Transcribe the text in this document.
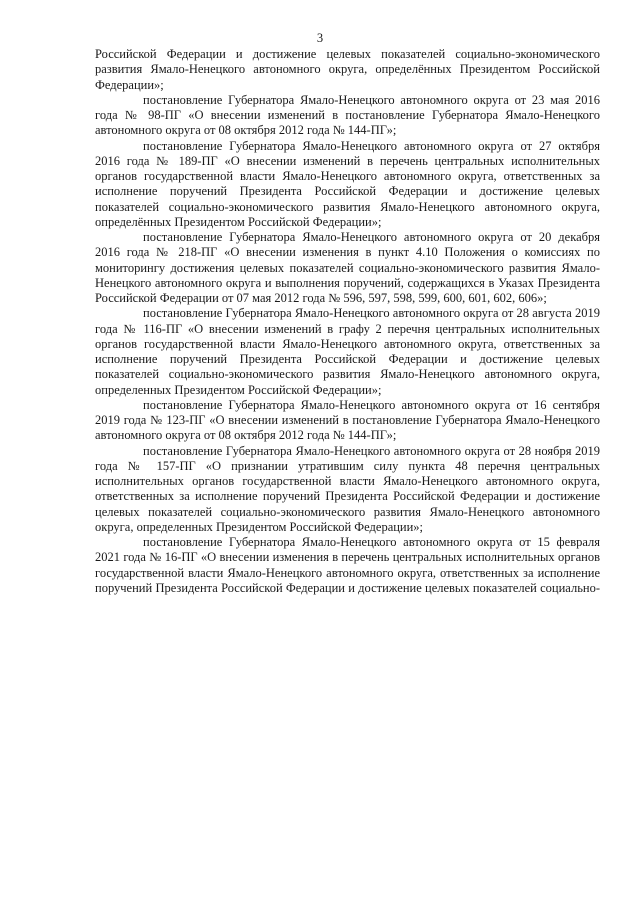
3

Российской Федерации и достижение целевых показателей социально-экономического развития Ямало-Ненецкого автономного округа, определённых Президентом Российской Федерации»;

постановление Губернатора Ямало-Ненецкого автономного округа от 23 мая 2016 года № 98-ПГ «О внесении изменений в постановление Губернатора Ямало-Ненецкого автономного округа от 08 октября 2012 года № 144-ПГ»;

постановление Губернатора Ямало-Ненецкого автономного округа от 27 октября 2016 года № 189-ПГ «О внесении изменений в перечень центральных исполнительных органов государственной власти Ямало-Ненецкого автономного округа, ответственных за исполнение поручений Президента Российской Федерации и достижение целевых показателей социально-экономического развития Ямало-Ненецкого автономного округа, определённых Президентом Российской Федерации»;

постановление Губернатора Ямало-Ненецкого автономного округа от 20 декабря 2016 года № 218-ПГ «О внесении изменения в пункт 4.10 Положения о комиссиях по мониторингу достижения целевых показателей социально-экономического развития Ямало-Ненецкого автономного округа и выполнения поручений, содержащихся в Указах Президента Российской Федерации от 07 мая 2012 года № 596, 597, 598, 599, 600, 601, 602, 606»;

постановление Губернатора Ямало-Ненецкого автономного округа от 28 августа 2019 года № 116-ПГ «О внесении изменений в графу 2 перечня центральных исполнительных органов государственной власти Ямало-Ненецкого автономного округа, ответственных за исполнение поручений Президента Российской Федерации и достижение целевых показателей социально-экономического развития Ямало-Ненецкого автономного округа, определенных Президентом Российской Федерации»;

постановление Губернатора Ямало-Ненецкого автономного округа от 16 сентября 2019 года № 123-ПГ «О внесении изменений в постановление Губернатора Ямало-Ненецкого автономного округа от 08 октября 2012 года № 144-ПГ»;

постановление Губернатора Ямало-Ненецкого автономного округа от 28 ноября 2019 года № 157-ПГ «О признании утратившим силу пункта 48 перечня центральных исполнительных органов государственной власти Ямало-Ненецкого автономного округа, ответственных за исполнение поручений Президента Российской Федерации и достижение целевых показателей социально-экономического развития Ямало-Ненецкого автономного округа, определенных Президентом Российской Федерации»;

постановление Губернатора Ямало-Ненецкого автономного округа от 15 февраля 2021 года № 16-ПГ «О внесении изменения в перечень центральных исполнительных органов государственной власти Ямало-Ненецкого автономного округа, ответственных за исполнение поручений Президента Российской Федерации и достижение целевых показателей социально-
